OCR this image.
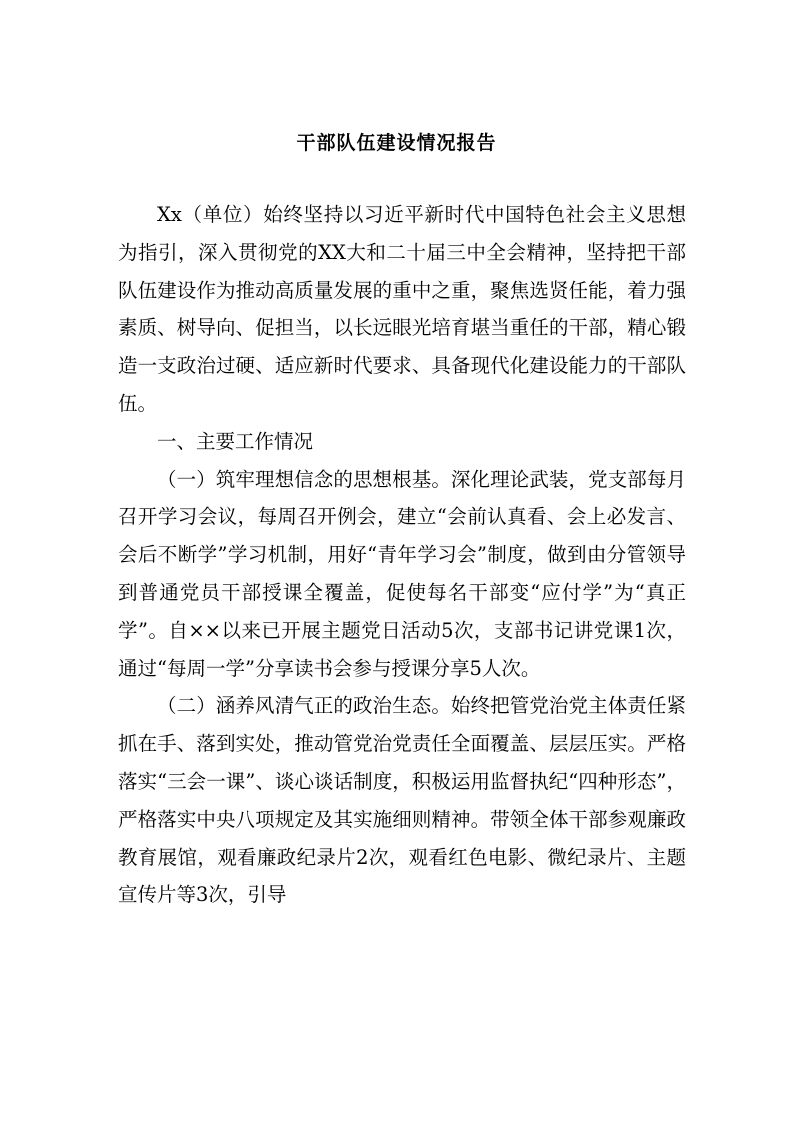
干部队伍建设情况报告

Xx（单位）始终坚持以习近平新时代中国特色社会主义思想为指引，深入贯彻党的XX大和二十届三中全会精神，坚持把干部队伍建设作为推动高质量发展的重中之重，聚焦选贤任能，着力强素质、树导向、促担当，以长远眼光培育堪当重任的干部，精心锻造一支政治过硬、适应新时代要求、具备现代化建设能力的干部队伍。

一、主要工作情况

（一）筑牢理想信念的思想根基。深化理论武装，党支部每月召开学习会议，每周召开例会，建立“会前认真看、会上必发言、会后不断学”学习机制，用好“青年学习会”制度，做到由分管领导到普通党员干部授课全覆盖，促使每名干部变“应付学”为“真正学”。自××以来已开展主题党日活动5次，支部书记讲党课1次，通过“每周一学”分享读书会参与授课分享5人次。

（二）涵养风清气正的政治生态。始终把管党治党主体责任紧抓在手、落到实处，推动管党治党责任全面覆盖、层层压实。严格落实“三会一课”、谈心谈话制度，积极运用监督执纪“四种形态”，严格落实中央八项规定及其实施细则精神。带领全体干部参观廉政教育展馆，观看廉政纪录片2次，观看红色电影、微纪录片、主题宣传片等3次，引导
